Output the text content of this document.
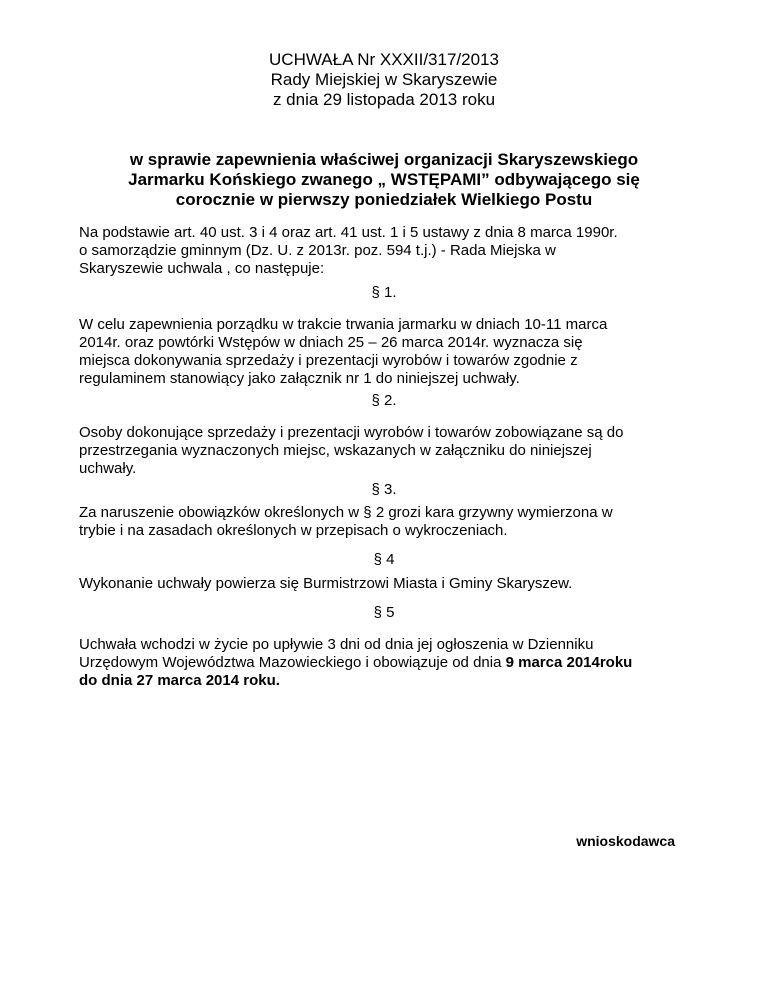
UCHWAŁA Nr XXXII/317/2013
Rady Miejskiej w Skaryszewie
z dnia 29 listopada 2013 roku
w sprawie zapewnienia właściwej organizacji Skaryszewskiego
Jarmarku Końskiego zwanego „ WSTĘPAMI” odbywającego się
corocznie w pierwszy poniedziałek Wielkiego Postu
Na podstawie art. 40 ust. 3 i 4 oraz art. 41 ust. 1 i 5 ustawy z dnia 8 marca 1990r.
o samorządzie gminnym (Dz. U. z 2013r. poz. 594 t.j.) - Rada Miejska w
Skaryszewie uchwala , co następuje:
§ 1.
W celu zapewnienia porządku w trakcie trwania jarmarku w dniach 10-11 marca
2014r. oraz powtórki Wstępów w dniach 25 – 26 marca 2014r. wyznacza się
miejsca dokonywania sprzedaży i prezentacji wyrobów i towarów zgodnie z
regulaminem stanowiący jako załącznik nr 1 do niniejszej uchwały.
§ 2.
Osoby dokonujące sprzedaży i prezentacji wyrobów i towarów zobowiązane są do
przestrzegania wyznaczonych miejsc, wskazanych w załączniku do niniejszej
uchwały.
§ 3.
Za naruszenie obowiązków określonych w § 2 grozi kara grzywny wymierzona w
trybie i na zasadach określonych w przepisach o wykroczeniach.
§ 4
Wykonanie uchwały powierza się Burmistrzowi Miasta i Gminy Skaryszew.
§ 5
Uchwała wchodzi w życie po upływie 3 dni od dnia jej ogłoszenia w Dzienniku
Urzędowym Województwa Mazowieckiego i obowiązuje od dnia 9 marca 2014roku
do dnia 27 marca 2014 roku.
wnioskodawca
